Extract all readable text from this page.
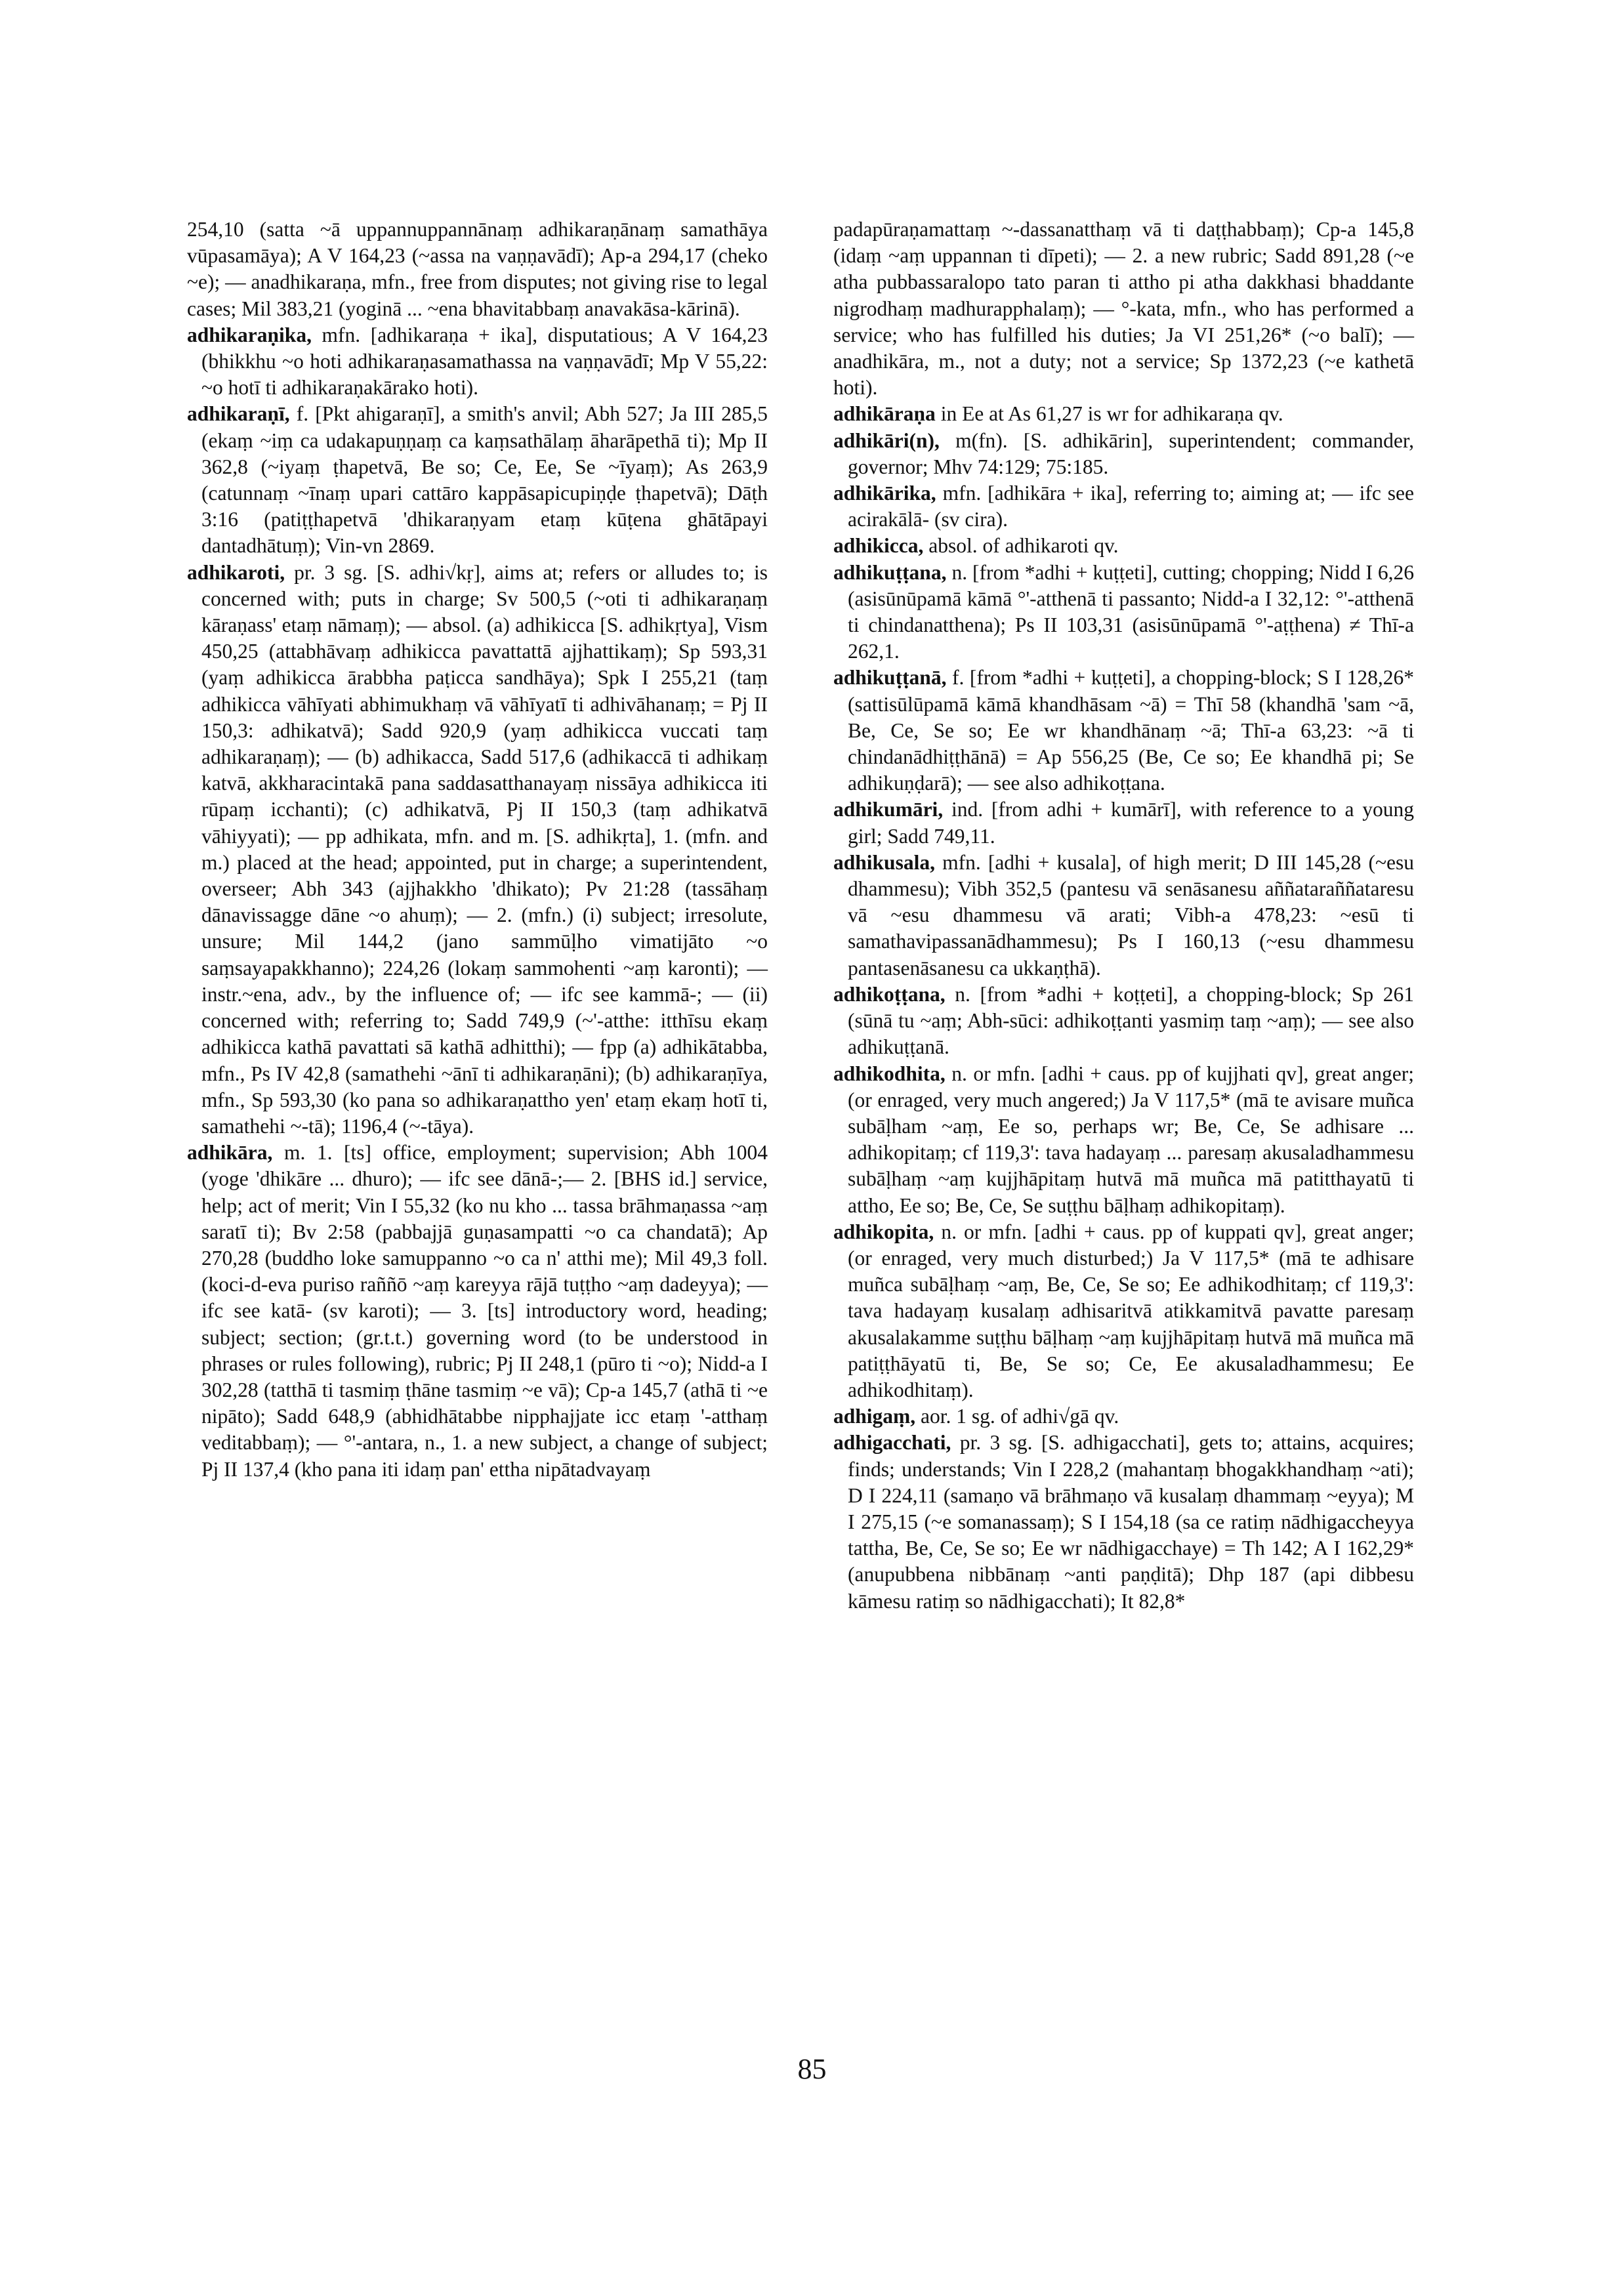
254,10 (satta ~ā uppannuppannānaṃ adhikaraṇānaṃ samathāya vūpasamāya); A V 164,23 (~assa na vaṇṇavādī); Ap-a 294,17 (cheko ~e); — anadhikaraṇa, mfn., free from disputes; not giving rise to legal cases; Mil 383,21 (yoginā ... ~ena bhavitabbaṃ anavakāsa-kārinā).

adhikaraṇika, mfn. [adhikaraṇa + ika], disputatious; A V 164,23 (bhikkhu ~o hoti adhikaraṇasamathassa na vaṇṇavādī; Mp V 55,22: ~o hotī ti adhikaraṇakārako hoti).

adhikaraṇī, f. [Pkt ahigaraṇī], a smith's anvil; Abh 527; Ja III 285,5 (ekaṃ ~iṃ ca udakapuṇṇaṃ ca kaṃsathālaṃ āharāpethā ti); Mp II 362,8 (~iyaṃ ṭhapetvā, Be so; Ce, Ee, Se ~īyaṃ); As 263,9 (catunnaṃ ~īnaṃ upari cattāro kappāsapicupiṇḍe ṭhapetvā); Dāṭh 3:16 (patiṭṭhapetvā 'dhikaraṇyam etaṃ kūṭena ghātāpayi dantadhātuṃ); Vin-vn 2869.

adhikaroti, pr. 3 sg. [S. adhi√kṛ], aims at; refers or alludes to; is concerned with; puts in charge; Sv 500,5 (~oti ti adhikaraṇaṃ kāraṇass' etaṃ nāmaṃ); — absol. (a) adhikicca [S. adhikṛtya], Vism 450,25 (attabhāvaṃ adhikicca pavattattā ajjhattikaṃ); Sp 593,31 (yaṃ adhikicca ārabbha paṭicca sandhāya); Spk I 255,21 (taṃ adhikicca vāhīyati abhimukhaṃ vā vāhīyatī ti adhivāhanaṃ; = Pj II 150,3: adhikatvā); Sadd 920,9 (yaṃ adhikicca vuccati taṃ adhikaraṇaṃ); — (b) adhikacca, Sadd 517,6 (adhikaccā ti adhikaṃ katvā, akkharacintakā pana saddasatthanayaṃ nissāya adhikicca iti rūpaṃ icchanti); (c) adhikatvā, Pj II 150,3 (taṃ adhikatvā vāhiyyati); — pp adhikata, mfn. and m. [S. adhikṛta], 1. (mfn. and m.) placed at the head; appointed, put in charge; a superintendent, overseer; Abh 343 (ajjhakkho 'dhikato); Pv 21:28 (tassāhaṃ dānavissagge dāne ~o ahuṃ); — 2. (mfn.) (i) subject; irresolute, unsure; Mil 144,2 (jano sammūḷho vimatijāto ~o saṃsayapakkhanno); 224,26 (lokaṃ sammohenti ~aṃ karonti); — instr.~ena, adv., by the influence of; — ifc see kammā-; — (ii) concerned with; referring to; Sadd 749,9 (~'-atthe: itthīsu ekaṃ adhikicca kathā pavattati sā kathā adhitthi); — fpp (a) adhikātabba, mfn., Ps IV 42,8 (samathehi ~ānī ti adhikaraṇāni); (b) adhikaraṇīya, mfn., Sp 593,30 (ko pana so adhikaraṇattho yen' etaṃ ekaṃ hotī ti, samathehi ~-tā); 1196,4 (~-tāya).

adhikāra, m. 1. [ts] office, employment; supervision; Abh 1004 (yoge 'dhikāre ... dhuro); — ifc see dānā-;— 2. [BHS id.] service, help; act of merit; Vin I 55,32 (ko nu kho ... tassa brāhmaṇassa ~aṃ saratī ti); Bv 2:58 (pabbajjā guṇasampatti ~o ca chandatā); Ap 270,28 (buddho loke samuppanno ~o ca n' atthi me); Mil 49,3 foll. (koci-d-eva puriso raññō ~aṃ kareyya rājā tuṭṭho ~aṃ dadeyya); — ifc see katā- (sv karoti); — 3. [ts] introductory word, heading; subject; section; (gr.t.t.) governing word (to be understood in phrases or rules following), rubric; Pj II 248,1 (pūro ti ~o); Nidd-a I 302,28 (tatthā ti tasmiṃ ṭhāne tasmiṃ ~e vā); Cp-a 145,7 (athā ti ~e nipāto); Sadd 648,9 (abhidhātabbe nipphajjate icc etaṃ '-atthaṃ veditabbaṃ); — °'-antara, n., 1. a new subject, a change of subject; Pj II 137,4 (kho pana iti idaṃ pan' ettha nipātadvayaṃ

padapūraṇamattaṃ ~-dassanatthaṃ vā ti daṭṭhabbaṃ); Cp-a 145,8 (idaṃ ~aṃ uppannan ti dīpeti); — 2. a new rubric; Sadd 891,28 (~e atha pubbassaralopo tato paran ti attho pi atha dakkhasi bhaddante nigrodhaṃ madhurapphalaṃ); — °-kata, mfn., who has performed a service; who has fulfilled his duties; Ja VI 251,26* (~o balī); — anadhikāra, m., not a duty; not a service; Sp 1372,23 (~e kathetā hoti).

adhikāraṇa in Ee at As 61,27 is wr for adhikaraṇa qv.

adhikāri(n), m(fn). [S. adhikārin], superintendent; commander, governor; Mhv 74:129; 75:185.

adhikārika, mfn. [adhikāra + ika], referring to; aiming at; — ifc see acirakālā- (sv cira).

adhikicca, absol. of adhikaroti qv.

adhikuṭṭana, n. [from *adhi + kuṭṭeti], cutting; chopping; Nidd I 6,26 (asisūnūpamā kāmā °'-atthenā ti passanto; Nidd-a I 32,12: °'-atthenā ti chindanatthena); Ps II 103,31 (asisūnūpamā °'-aṭṭhena) ≠ Thī-a 262,1.

adhikuṭṭanā, f. [from *adhi + kuṭṭeti], a chopping-block; S I 128,26* (sattisūlūpamā kāmā khandhāsam ~ā) = Thī 58 (khandhā 'sam ~ā, Be, Ce, Se so; Ee wr khandhānaṃ ~ā; Thī-a 63,23: ~ā ti chindanādhiṭṭhānā) = Ap 556,25 (Be, Ce so; Ee khandhā pi; Se adhikuṇḍarā); — see also adhikoṭṭana.

adhikumāri, ind. [from adhi + kumārī], with reference to a young girl; Sadd 749,11.

adhikusala, mfn. [adhi + kusala], of high merit; D III 145,28 (~esu dhammesu); Vibh 352,5 (pantesu vā senāsanesu aññataraññataresu vā ~esu dhammesu vā arati; Vibh-a 478,23: ~esū ti samathavipassanādhammesu); Ps I 160,13 (~esu dhammesu pantasenāsanesu ca ukkaṇṭhā).

adhikoṭṭana, n. [from *adhi + koṭṭeti], a chopping-block; Sp 261 (sūnā tu ~aṃ; Abh-sūci: adhikoṭṭanti yasmiṃ taṃ ~aṃ); — see also adhikuṭṭanā.

adhikodhita, n. or mfn. [adhi + caus. pp of kujjhati qv], great anger; (or enraged, very much angered;) Ja V 117,5* (mā te avisare muñca subāḷham ~aṃ, Ee so, perhaps wr; Be, Ce, Se adhisare ... adhikopitaṃ; cf 119,3': tava hadayaṃ ... paresaṃ akusaladhammesu subāḷhaṃ ~aṃ kujjhāpitaṃ hutvā mā muñca mā patitthayatū ti attho, Ee so; Be, Ce, Se suṭṭhu bāḷhaṃ adhikopitaṃ).

adhikopita, n. or mfn. [adhi + caus. pp of kuppati qv], great anger; (or enraged, very much disturbed;) Ja V 117,5* (mā te adhisare muñca subāḷhaṃ ~aṃ, Be, Ce, Se so; Ee adhikodhitaṃ; cf 119,3': tava hadayaṃ kusalaṃ adhisaritvā atikkamitvā pavatte paresaṃ akusalakamme suṭṭhu bāḷhaṃ ~aṃ kujjhāpitaṃ hutvā mā muñca mā patiṭṭhāyatū ti, Be, Se so; Ce, Ee akusaladhammesu; Ee adhikodhitaṃ).

adhigaṃ, aor. 1 sg. of adhi√gā qv.

adhigacchati, pr. 3 sg. [S. adhigacchati], gets to; attains, acquires; finds; understands; Vin I 228,2 (mahantaṃ bhogakkhandhaṃ ~ati); D I 224,11 (samaṇo vā brāhmaṇo vā kusalaṃ dhammaṃ ~eyya); M I 275,15 (~e somanassaṃ); S I 154,18 (sa ce ratiṃ nādhigaccheyya tattha, Be, Ce, Se so; Ee wr nādhigacchaye) = Th 142; A I 162,29* (anupubbena nibbānaṃ ~anti paṇḍitā); Dhp 187 (api dibbesu kāmesu ratiṃ so nādhigacchati); It 82,8*

85
